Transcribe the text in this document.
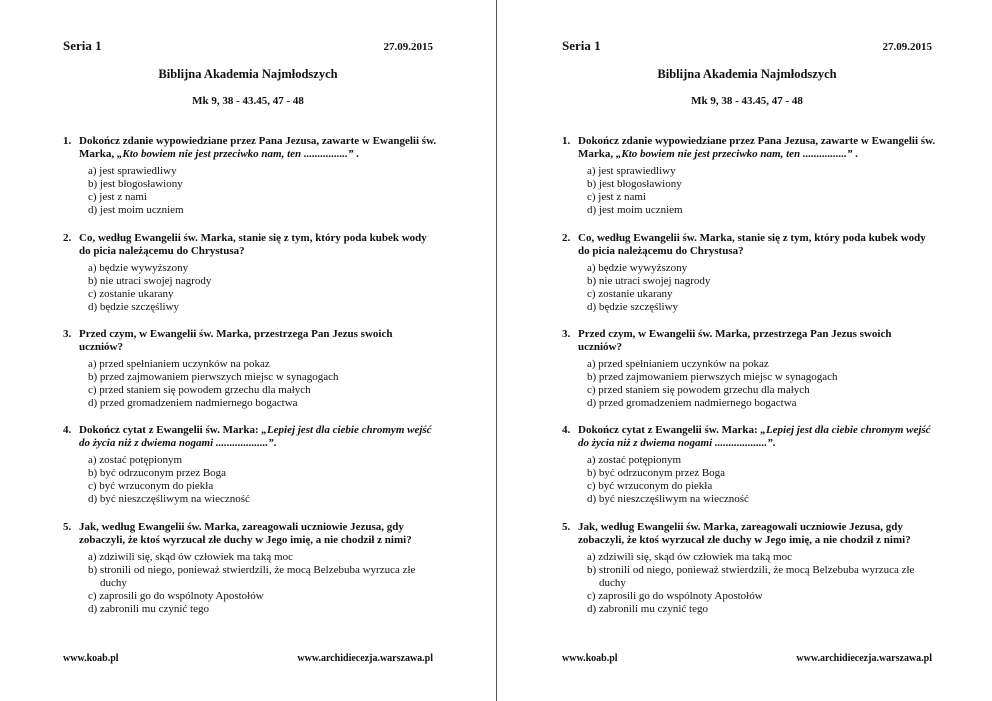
Seria 1	27.09.2015
Biblijna Akademia Najmłodszych
Mk 9, 38 - 43.45, 47 - 48
1. Dokończ zdanie wypowiedziane przez Pana Jezusa, zawarte w Ewangelii św. Marka, „Kto bowiem nie jest przeciwko nam, ten ................” .
a) jest sprawiedliwy
b) jest błogosławiony
c) jest z nami
d) jest moim uczniem
2. Co, według Ewangelii św. Marka, stanie się z tym, który poda kubek wody do picia należącemu do Chrystusa?
a) będzie wywyższony
b) nie utraci swojej nagrody
c) zostanie ukarany
d) będzie szczęśliwy
3. Przed czym, w Ewangelii św. Marka, przestrzega Pan Jezus swoich uczniów?
a) przed spełnianiem uczynków na pokaz
b) przed zajmowaniem pierwszych miejsc w synagogach
c) przed staniem się powodem grzechu dla małych
d) przed gromadzeniem nadmiernego bogactwa
4. Dokończ cytat z Ewangelii św. Marka: „Lepiej jest dla ciebie chromym wejść do życia niż z dwiema nogami ...................”.
a) zostać potępionym
b) być odrzuconym przez Boga
c) być wrzuconym do piekła
d) być nieszczęśliwym na wieczność
5. Jak, według Ewangelii św. Marka, zareagowali uczniowie Jezusa, gdy zobaczyli, że ktoś wyrzucał złe duchy w Jego imię, a nie chodził z nimi?
a) zdziwili się, skąd ów człowiek ma taką moc
b) stronili od niego, ponieważ stwierdzili, że mocą Belzebuba wyrzuca złe duchy
c) zaprosili go do wspólnoty Apostołów
d) zabronili mu czynić tego
www.koab.pl	www.archidiecezja.warszawa.pl
Seria 1	27.09.2015
Biblijna Akademia Najmłodszych
Mk 9, 38 - 43.45, 47 - 48
1. Dokończ zdanie wypowiedziane przez Pana Jezusa, zawarte w Ewangelii św. Marka, „Kto bowiem nie jest przeciwko nam, ten ................” .
a) jest sprawiedliwy
b) jest błogosławiony
c) jest z nami
d) jest moim uczniem
2. Co, według Ewangelii św. Marka, stanie się z tym, który poda kubek wody do picia należącemu do Chrystusa?
a) będzie wywyższony
b) nie utraci swojej nagrody
c) zostanie ukarany
d) będzie szczęśliwy
3. Przed czym, w Ewangelii św. Marka, przestrzega Pan Jezus swoich uczniów?
a) przed spełnianiem uczynków na pokaz
b) przed zajmowaniem pierwszych miejsc w synagogach
c) przed staniem się powodem grzechu dla małych
d) przed gromadzeniem nadmiernego bogactwa
4. Dokończ cytat z Ewangelii św. Marka: „Lepiej jest dla ciebie chromym wejść do życia niż z dwiema nogami ...................”.
a) zostać potępionym
b) być odrzuconym przez Boga
c) być wrzuconym do piekła
d) być nieszczęśliwym na wieczność
5. Jak, według Ewangelii św. Marka, zareagowali uczniowie Jezusa, gdy zobaczyli, że ktoś wyrzucał złe duchy w Jego imię, a nie chodził z nimi?
a) zdziwili się, skąd ów człowiek ma taką moc
b) stronili od niego, ponieważ stwierdzili, że mocą Belzebuba wyrzuca złe duchy
c) zaprosili go do wspólnoty Apostołów
d) zabronili mu czynić tego
www.koab.pl	www.archidiecezja.warszawa.pl
